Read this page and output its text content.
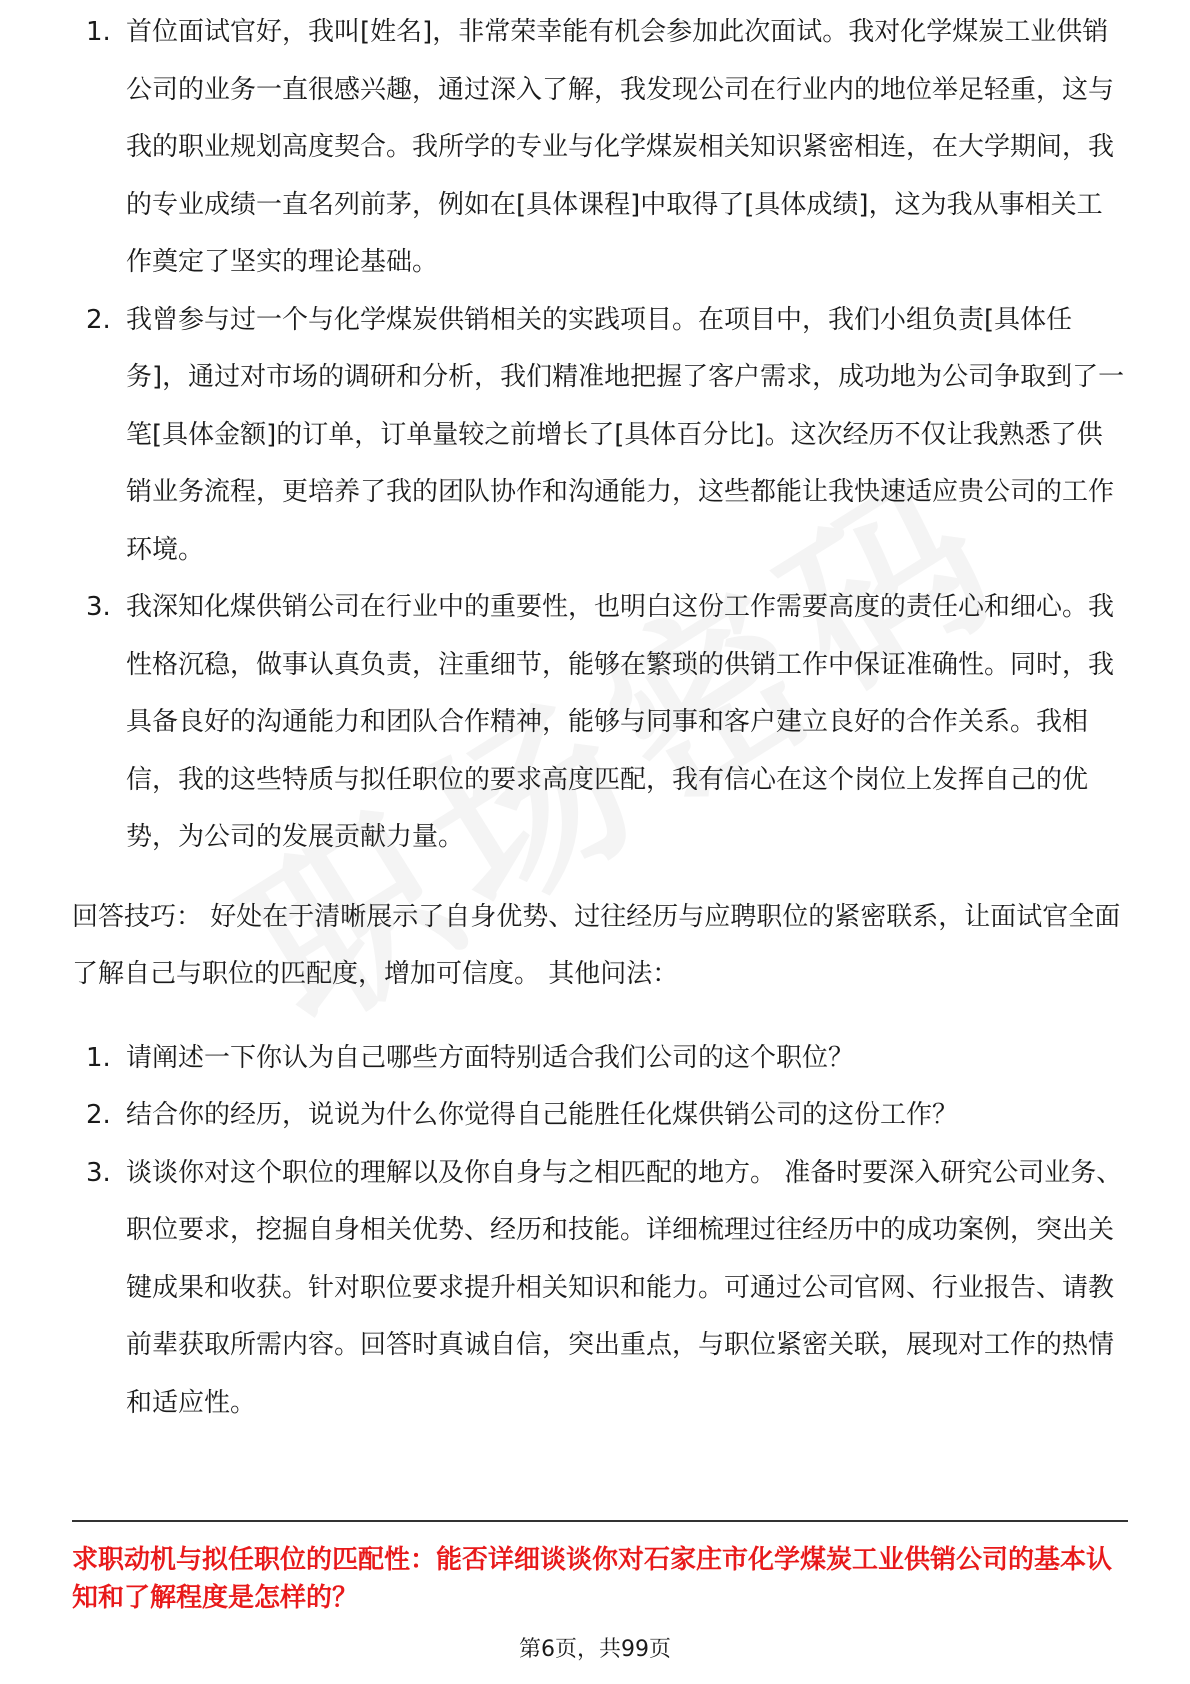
1. 首位面试官好，我叫[姓名]，非常荣幸能有机会参加此次面试。我对化学煤炭工业供销公司的业务一直很感兴趣，通过深入了解，我发现公司在行业内的地位举足轻重，这与我的职业规划高度契合。我所学的专业与化学煤炭相关知识紧密相连，在大学期间，我的专业成绩一直名列前茅，例如在[具体课程]中取得了[具体成绩]，这为我从事相关工作奠定了坚实的理论基础。
2. 我曾参与过一个与化学煤炭供销相关的实践项目。在项目中，我们小组负责[具体任务]，通过对市场的调研和分析，我们精准地把握了客户需求，成功地为公司争取到了一笔[具体金额]的订单，订单量较之前增长了[具体百分比]。这次经历不仅让我熟悉了供销业务流程，更培养了我的团队协作和沟通能力，这些都能让我快速适应贵公司的工作环境。
3. 我深知化煤供销公司在行业中的重要性，也明白这份工作需要高度的责任心和细心。我性格沉稳，做事认真负责，注重细节，能够在繁琐的供销工作中保证准确性。同时，我具备良好的沟通能力和团队合作精神，能够与同事和客户建立良好的合作关系。我相信，我的这些特质与拟任职位的要求高度匹配，我有信心在这个岗位上发挥自己的优势，为公司的发展贡献力量。

回答技巧： 好处在于清晰展示了自身优势、过往经历与应聘职位的紧密联系，让面试官全面了解自己与职位的匹配度，增加可信度。 其他问法：

1. 请阐述一下你认为自己哪些方面特别适合我们公司的这个职位？
2. 结合你的经历，说说为什么你觉得自己能胜任化煤供销公司的这份工作？
3. 谈谈你对这个职位的理解以及你自身与之相匹配的地方。 准备时要深入研究公司业务、职位要求，挖掘自身相关优势、经历和技能。详细梳理过往经历中的成功案例，突出关键成果和收获。针对职位要求提升相关知识和能力。可通过公司官网、行业报告、请教前辈获取所需内容。回答时真诚自信，突出重点，与职位紧密关联，展现对工作的热情和适应性。
求职动机与拟任职位的匹配性：能否详细谈谈你对石家庄市化学煤炭工业供销公司的基本认知和了解程度是怎样的？
第6页，共99页
